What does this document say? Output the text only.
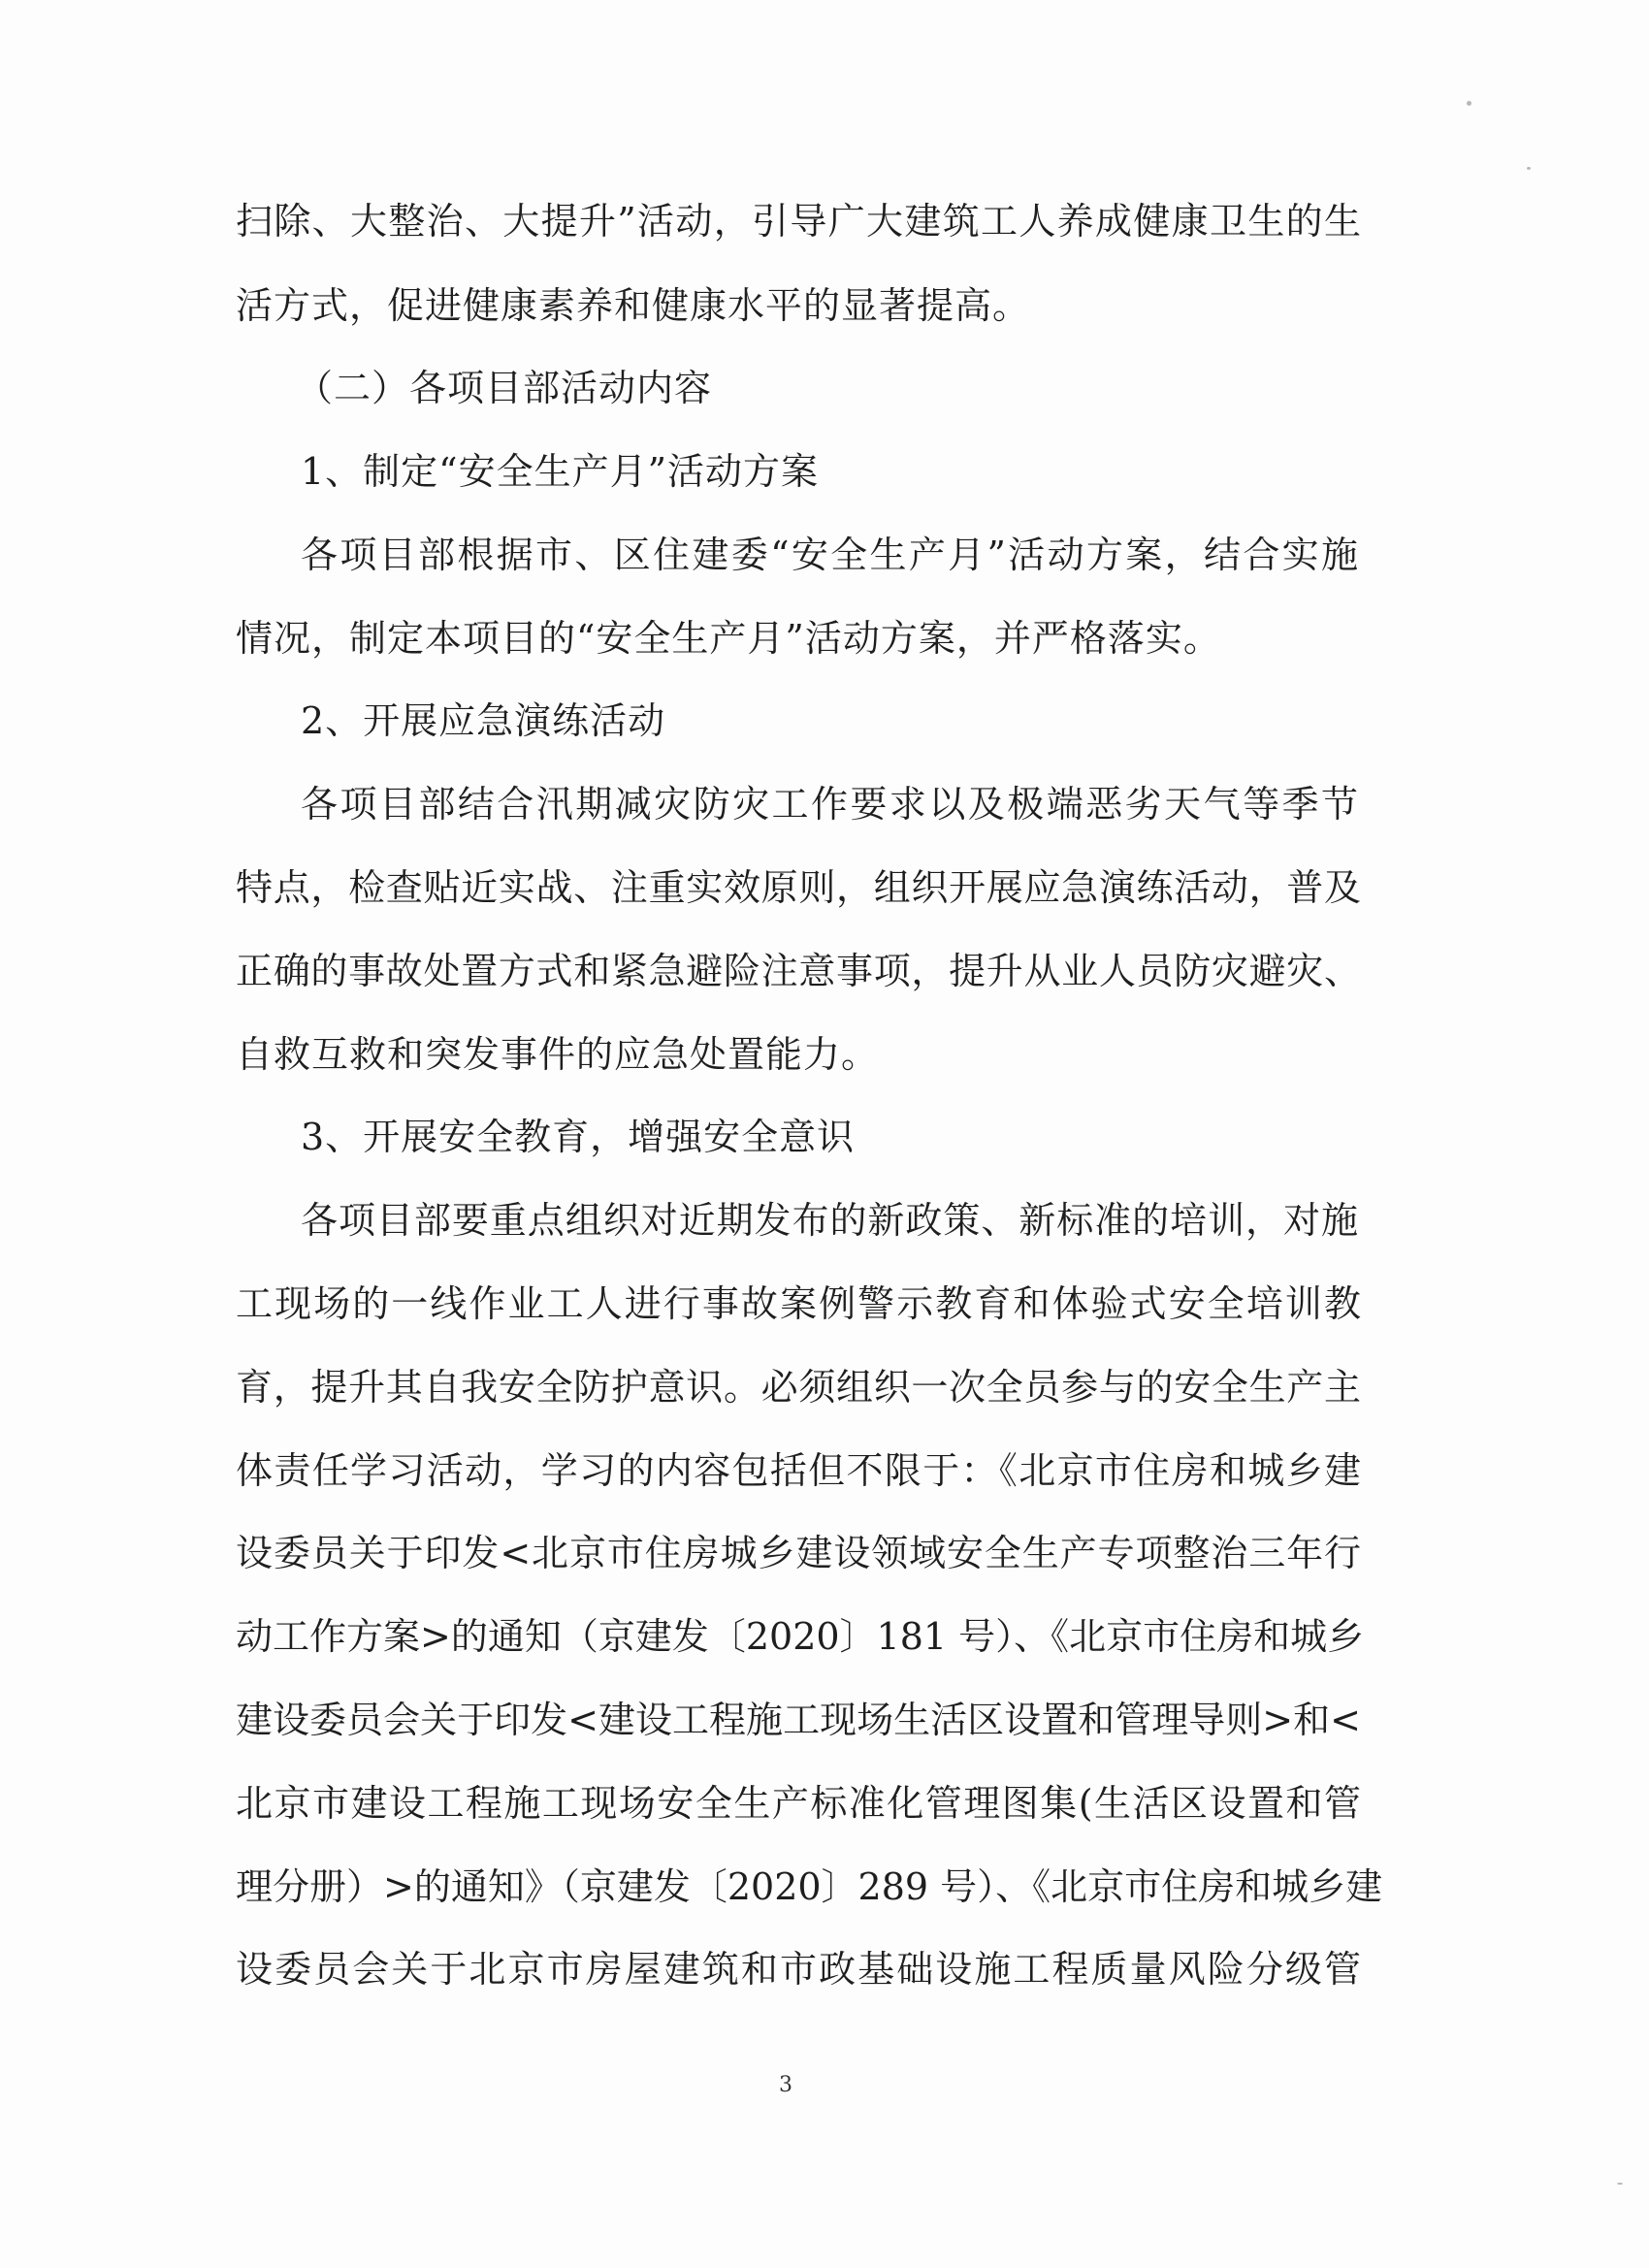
扫除、大整治、大提升”活动，引导广大建筑工人养成健康卫生的生
活方式，促进健康素养和健康水平的显著提高。
（二）各项目部活动内容
1、制定“安全生产月”活动方案
各项目部根据市、区住建委“安全生产月”活动方案，结合实施
情况，制定本项目的“安全生产月”活动方案，并严格落实。
2、开展应急演练活动
各项目部结合汛期减灾防灾工作要求以及极端恶劣天气等季节
特点，检查贴近实战、注重实效原则，组织开展应急演练活动，普及
正确的事故处置方式和紧急避险注意事项，提升从业人员防灾避灾、
自救互救和突发事件的应急处置能力。
3、开展安全教育，增强安全意识
各项目部要重点组织对近期发布的新政策、新标准的培训，对施
工现场的一线作业工人进行事故案例警示教育和体验式安全培训教
育，提升其自我安全防护意识。必须组织一次全员参与的安全生产主
体责任学习活动，学习的内容包括但不限于：《北京市住房和城乡建
设委员关于印发<北京市住房城乡建设领域安全生产专项整治三年行
动工作方案>的通知（京建发〔2020〕181 号）、《北京市住房和城乡
建设委员会关于印发<建设工程施工现场生活区设置和管理导则>和<
北京市建设工程施工现场安全生产标准化管理图集(生活区设置和管
理分册）>的通知》（京建发〔2020〕289 号）、《北京市住房和城乡建
设委员会关于北京市房屋建筑和市政基础设施工程质量风险分级管
3
